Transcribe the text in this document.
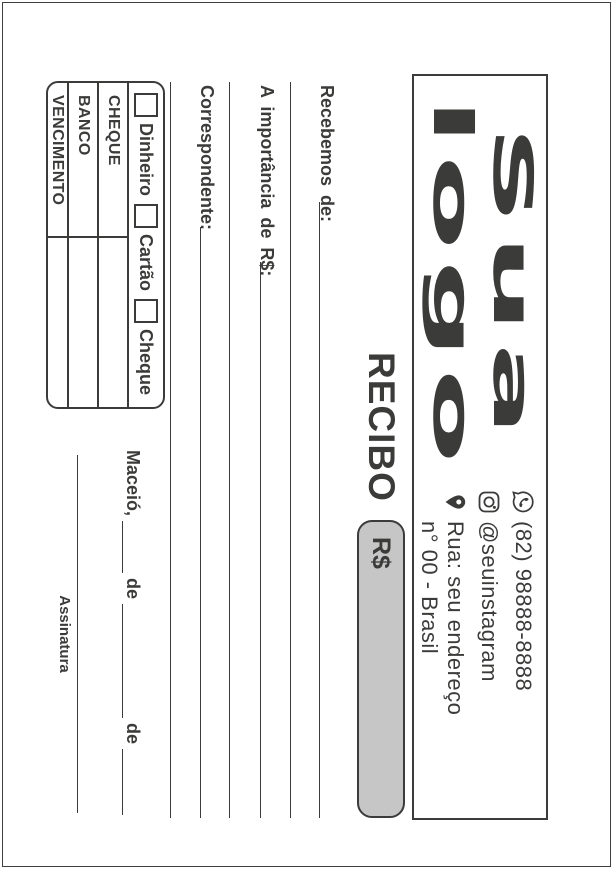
Sua
logo
(82) 98888-8888
@seuinstagram
Rua: seu endereço
n° 00 - Brasil
RECIBO
R$
Recebemos de:
A importância de R$:
Correspondente:
Dinheiro
Cartão
Cheque
CHEQUE
BANCO
VENCIMENTO
Maceió,
de
de
Assinatura
